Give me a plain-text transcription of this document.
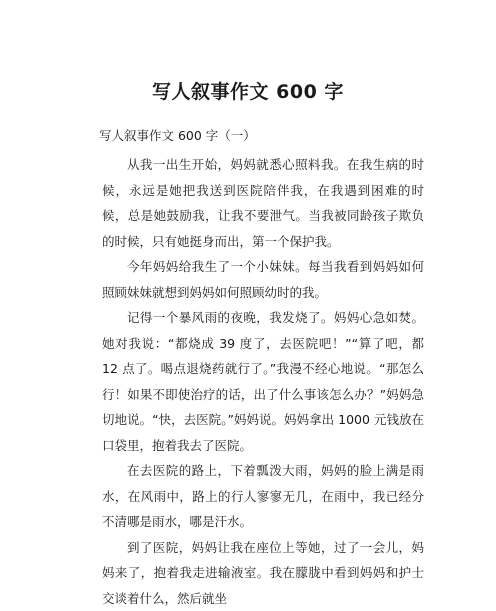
写人叙事作文 600 字
写人叙事作文 600 字（一）

从我一出生开始，妈妈就悉心照料我。在我生病的时候，永远是她把我送到医院陪伴我，在我遇到困难的时候，总是她鼓励我，让我不要泄气。当我被同龄孩子欺负的时候，只有她挺身而出，第一个保护我。

今年妈妈给我生了一个小妹妹。每当我看到妈妈如何照顾妹妹就想到妈妈如何照顾幼时的我。

记得一个暴风雨的夜晚，我发烧了。妈妈心急如焚。她对我说：“都烧成 39 度了，去医院吧！”“算了吧，都 12 点了。喝点退烧药就行了。”我漫不经心地说。“那怎么行！如果不即使治疗的话，出了什么事该怎么办？”妈妈急切地说。“快，去医院。”妈妈说。妈妈拿出 1000 元钱放在口袋里，抱着我去了医院。

在去医院的路上，下着瓢泼大雨，妈妈的脸上满是雨水，在风雨中，路上的行人寥寥无几，在雨中，我已经分不清哪是雨水，哪是汗水。

到了医院，妈妈让我在座位上等她，过了一会儿，妈妈来了，抱着我走进输液室。我在朦胧中看到妈妈和护士交谈着什么，然后就坐
